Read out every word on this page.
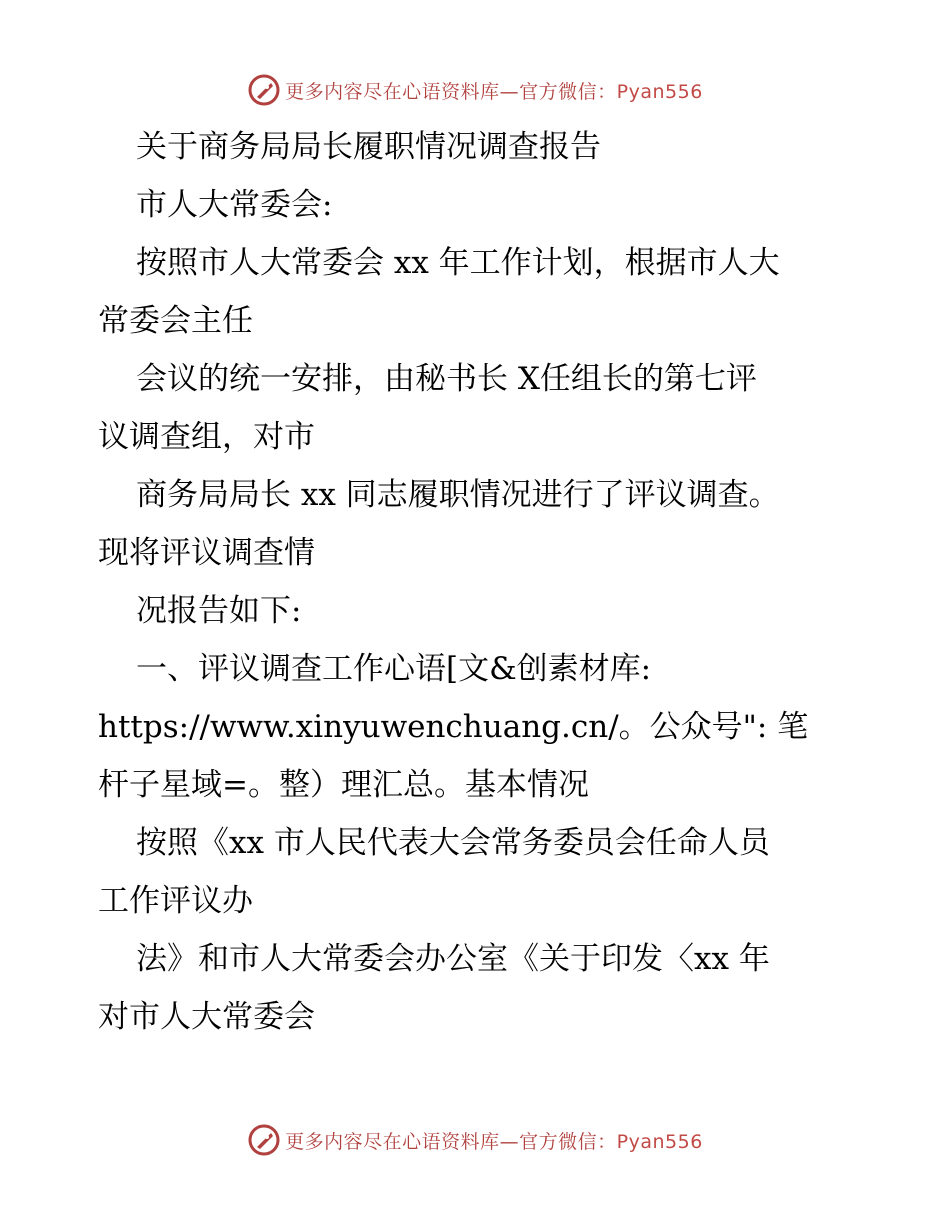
更多内容尽在心语资料库—官方微信：Pyan556

关于商务局局长履职情况调查报告

市人大常委会:

按照市人大常委会 xx 年工作计划，根据市人大

常委会主任

会议的统一安排，由秘书长 X任组长的第七评

议调查组，对市

商务局局长 xx 同志履职情况进行了评议调查。

现将评议调查情

况报告如下:

一、评议调查工作心语[文&创素材库:

https://www.xinyuwenchuang.cn/。公众号": 笔

杆子星域=。整）理汇总。基本情况

按照《xx 市人民代表大会常务委员会任命人员

工作评议办

法》和市人大常委会办公室《关于印发〈xx 年

对市人大常委会

更多内容尽在心语资料库—官方微信：Pyan556
